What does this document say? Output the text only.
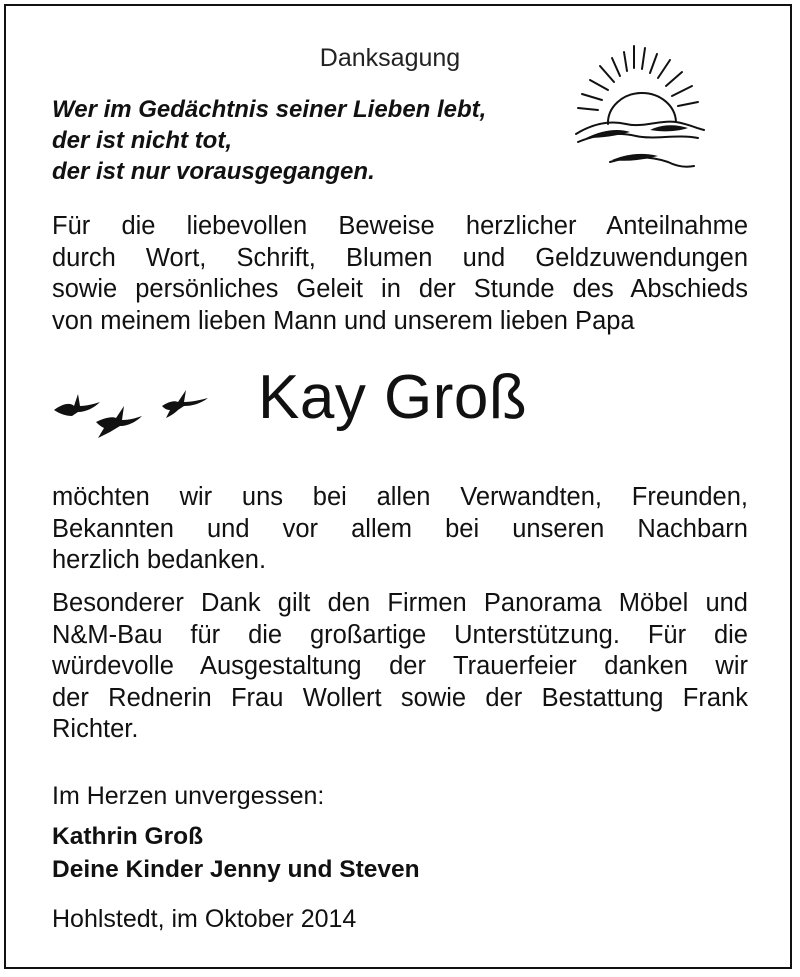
Danksagung
Wer im Gedächtnis seiner Lieben lebt,
der ist nicht tot,
der ist nur vorausgegangen.
Für die liebevollen Beweise herzlicher Anteilnahme
durch Wort, Schrift, Blumen und Geldzuwendungen
sowie persönliches Geleit in der Stunde des Abschieds
von meinem lieben Mann und unserem lieben Papa
Kay Groß
möchten wir uns bei allen Verwandten, Freunden,
Bekannten und vor allem bei unseren Nachbarn
herzlich bedanken.
Besonderer Dank gilt den Firmen Panorama Möbel und
N&M-Bau für die großartige Unterstützung. Für die
würdevolle Ausgestaltung der Trauerfeier danken wir
der Rednerin Frau Wollert sowie der Bestattung Frank
Richter.
Im Herzen unvergessen:
Kathrin Groß
Deine Kinder Jenny und Steven
Hohlstedt, im Oktober 2014
